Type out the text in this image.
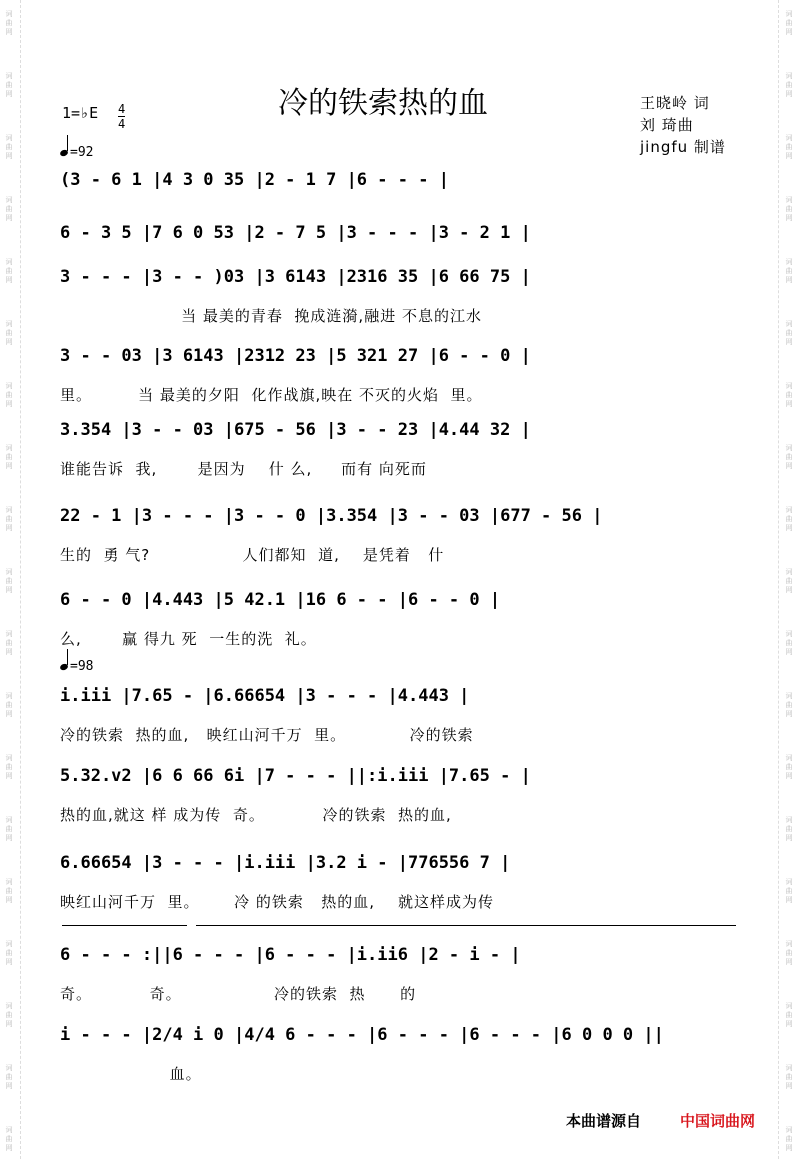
词
曲
网
词
曲
网
词
曲
网
词
曲
网
词
曲
网
词
曲
网
词
曲
网
词
曲
网
词
曲
网
词
曲
网
词
曲
网
词
曲
网
词
曲
网
词
曲
网
词
曲
网
词
曲
网
词
曲
网
词
曲
网
词
曲
网
词
曲
网
词
曲
网
词
曲
网
词
曲
网
词
曲
网
词
曲
网
词
曲
网
词
曲
网
词
曲
网
词
曲
网
词
曲
网
词
曲
网
词
曲
网
词
曲
网
词
曲
网
词
曲
网
词
曲
网
词
曲
网
词
曲
网
冷的铁索热的血	王晓岭 词
刘 琦曲
jingfu 制谱
1=♭E 4
4
=92
=98
(3 - 6 1 |4 3 0 35 |2 - 1 7 |6 - - - |
6 - 3 5 |7 6 0 53 |2 - 7 5 |3 - - - |3 - 2 1 |
3 - - - |3 - - )03 |3 6143 |2316 35 |6 66 75 |
当 最美的青春  挽成涟漪,融进 不息的江水
3 - - 03 |3 6143 |2312 23 |5 321 27 |6 - - 0 |
里。        当 最美的夕阳  化作战旗,映在 不灭的火焰  里。
3.354 |3 - - 03 |675 - 56 |3 - - 23 |4.44 32 |
谁能告诉  我,       是因为    什 么,     而有 向死而
22 - 1 |3 - - - |3 - - 0 |3.354 |3 - - 03 |677 - 56 |
生的  勇 气?                人们都知  道,    是凭着   什
6 - - 0 |4.443 |5 42.1 |16 6 - - |6 - - 0 |
么,       赢 得九 死  一生的洗  礼。
i.iii |7.65 - |6.66654 |3 - - - |4.443 |
冷的铁索  热的血,   映红山河千万  里。           冷的铁索
5.32.v2 |6 6 66 6i |7 - - - ||:i.iii |7.65 - |
热的血,就这 样 成为传  奇。          冷的铁索  热的血,
6.66654 |3 - - - |i.iii |3.2 i - |776556 7 |
映红山河千万  里。      冷 的铁索   热的血,    就这样成为传
6 - - - :||6 - - - |6 - - - |i.ii6 |2 - i - |
奇。          奇。                冷的铁索  热      的
i - - - |2/4 i 0 |4/4 6 - - - |6 - - - |6 - - - |6 0 0 0 ||
血。
本曲谱源自	中国词曲网
